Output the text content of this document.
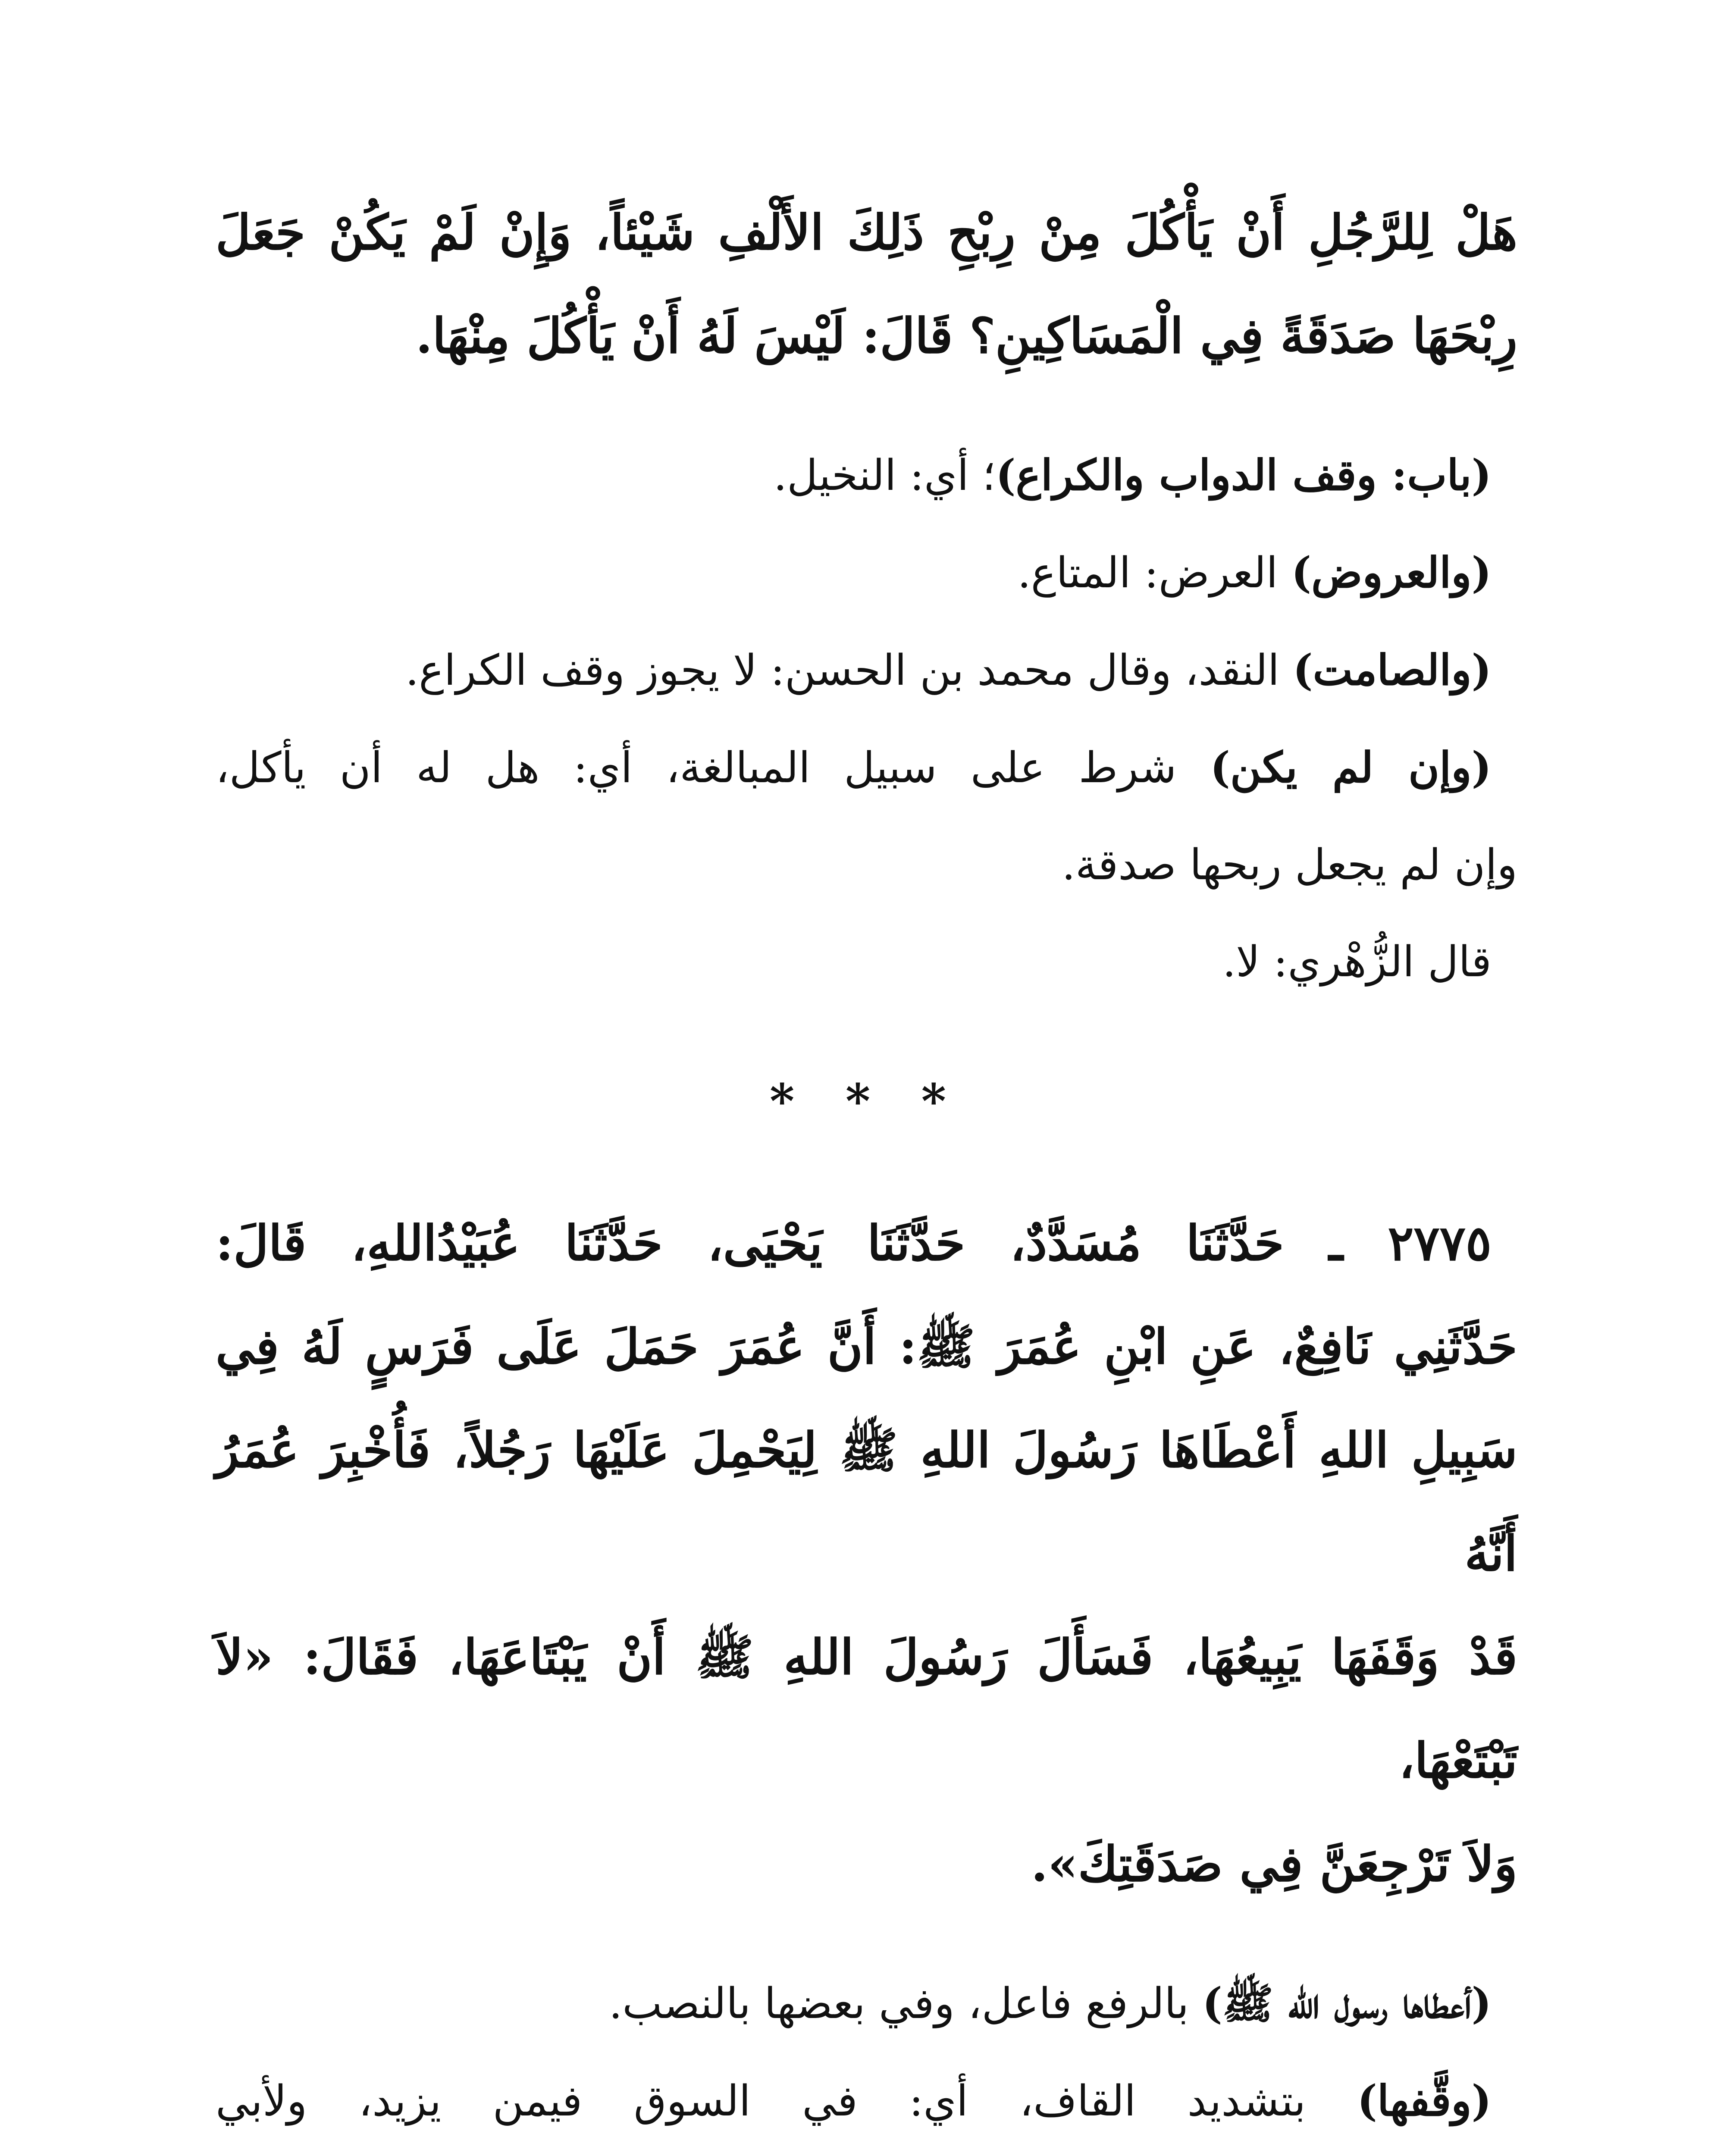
هَلْ لِلرَّجُلِ أَنْ يَأْكُلَ مِنْ رِبْحِ ذَلِكَ الأَلْفِ شَيْئاً، وَإِنْ لَمْ يَكُنْ جَعَلَ
رِبْحَهَا صَدَقَةً فِي الْمَسَاكِينِ؟ قَالَ: لَيْسَ لَهُ أَنْ يَأْكُلَ مِنْهَا.
(باب: وقف الدواب والكراع)؛ أي: النخيل.
(والعروض) العرض: المتاع.
(والصامت) النقد، وقال محمد بن الحسن: لا يجوز وقف الكراع.
(وإن لم يكن) شرط على سبيل المبالغة، أي: هل له أن يأكل،
وإن لم يجعل ربحها صدقة.
قال الزُّهْري: لا.

* * *

٢٧٧٥ ـ حَدَّثَنَا مُسَدَّدٌ، حَدَّثَنَا يَحْيَى، حَدَّثَنَا عُبَيْدُاللهِ، قَالَ:
حَدَّثَنِي نَافِعٌ، عَنِ ابْنِ عُمَرَ ﷺ: أَنَّ عُمَرَ حَمَلَ عَلَى فَرَسٍ لَهُ فِي
سَبِيلِ اللهِ أَعْطَاهَا رَسُولَ اللهِ ﷺ لِيَحْمِلَ عَلَيْهَا رَجُلاً، فَأُخْبِرَ عُمَرُ أَنَّهُ
قَدْ وَقَفَهَا يَبِيعُهَا، فَسَأَلَ رَسُولَ اللهِ ﷺ أَنْ يَبْتَاعَهَا، فَقَالَ: «لاَ تَبْتَعْهَا،
وَلاَ تَرْجِعَنَّ فِي صَدَقَتِكَ».
(أعطاها رسول الله ﷺ) بالرفع فاعل، وفي بعضها بالنصب.
(وقَّفها) بتشديد القاف، أي: في السوق فيمن يزيد، ولأبي
